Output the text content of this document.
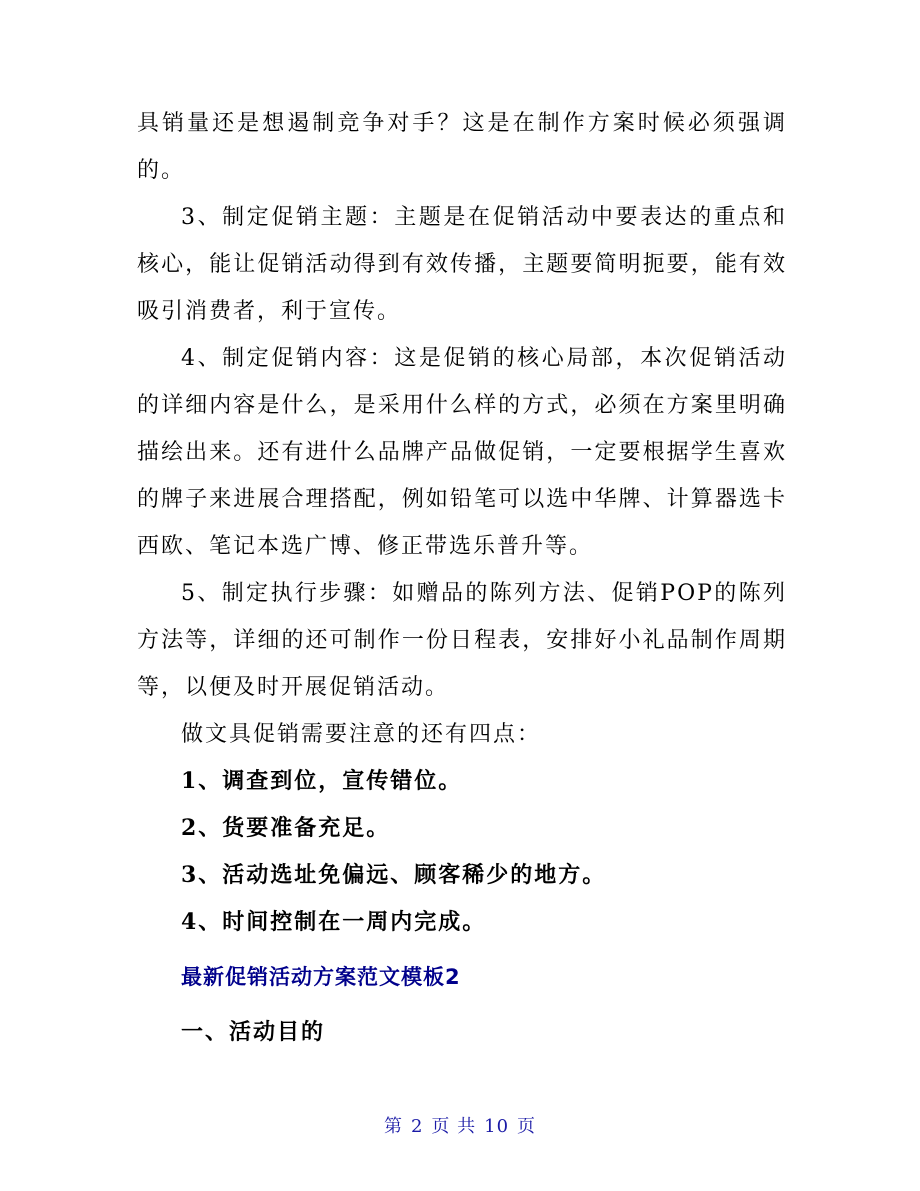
具销量还是想遏制竞争对手？这是在制作方案时候必须强调的。

3、制定促销主题：主题是在促销活动中要表达的重点和核心，能让促销活动得到有效传播，主题要简明扼要，能有效吸引消费者，利于宣传。

4、制定促销内容：这是促销的核心局部，本次促销活动的详细内容是什么，是采用什么样的方式，必须在方案里明确描绘出来。还有进什么品牌产品做促销，一定要根据学生喜欢的牌子来进展合理搭配，例如铅笔可以选中华牌、计算器选卡西欧、笔记本选广博、修正带选乐普升等。

5、制定执行步骤：如赠品的陈列方法、促销POP的陈列方法等，详细的还可制作一份日程表，安排好小礼品制作周期等，以便及时开展促销活动。

做文具促销需要注意的还有四点：

1、调查到位，宣传错位。
2、货要准备充足。
3、活动选址免偏远、顾客稀少的地方。
4、时间控制在一周内完成。
最新促销活动方案范文模板2
一、活动目的
第 2 页 共 10 页
